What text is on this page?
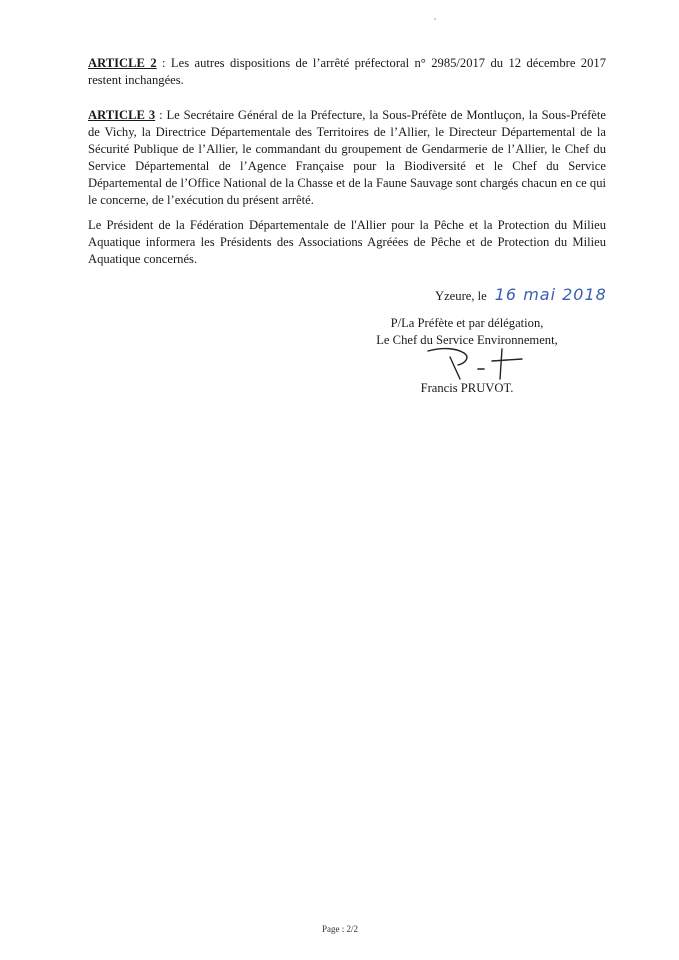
ARTICLE 2 : Les autres dispositions de l’arrêté préfectoral n° 2985/2017 du 12 décembre 2017 restent inchangées.

ARTICLE 3 : Le Secrétaire Général de la Préfecture, la Sous-Préfète de Montluçon, la Sous-Préfète de Vichy, la Directrice Départementale des Territoires de l’Allier, le Directeur Départemental de la Sécurité Publique de l’Allier, le commandant du groupement de Gendarmerie de l’Allier, le Chef du Service Départemental de l’Agence Française pour la Biodiversité et le Chef du Service Départemental de l’Office National de la Chasse et de la Faune Sauvage sont chargés chacun en ce qui le concerne, de l’exécution du présent arrêté.

Le Président de la Fédération Départementale de l'Allier pour la Pêche et la Protection du Milieu Aquatique informera les Présidents des Associations Agréées de Pêche et de Protection du Milieu Aquatique concernés.

Yzeure, le 16 mai 2018
P/La Préfète et par délégation,
Le Chef du Service Environnement,
Francis PRUVOT.
Page : 2/2
